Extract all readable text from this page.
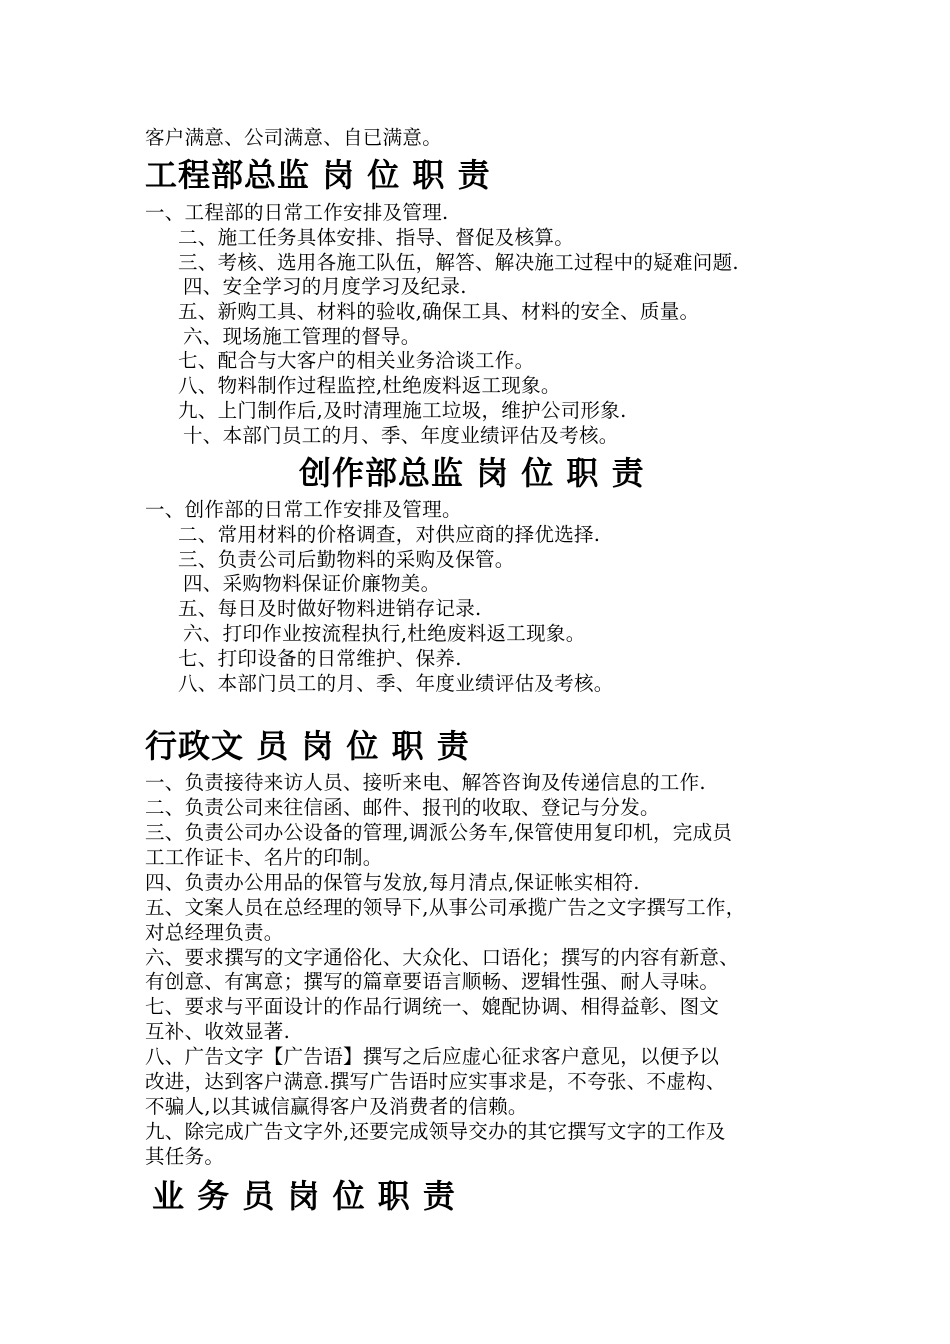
客户满意、公司满意、自已满意。
工程部总监 岗 位 职 责
一、工程部的日常工作安排及管理.
二、施工任务具体安排、指导、督促及核算。
三、考核、选用各施工队伍，解答、解决施工过程中的疑难问题.
四、安全学习的月度学习及纪录.
五、新购工具、材料的验收,确保工具、材料的安全、质量。
六、现场施工管理的督导。
七、配合与大客户的相关业务洽谈工作。
八、物料制作过程监控,杜绝废料返工现象。
九、上门制作后,及时清理施工垃圾，维护公司形象.
十、本部门员工的月、季、年度业绩评估及考核。
创作部总监 岗 位 职 责
一、创作部的日常工作安排及管理。
二、常用材料的价格调查，对供应商的择优选择.
三、负责公司后勤物料的采购及保管。
四、采购物料保证价廉物美。
五、每日及时做好物料进销存记录.
六、打印作业按流程执行,杜绝废料返工现象。
七、打印设备的日常维护、保养.
八、本部门员工的月、季、年度业绩评估及考核。
行政文 员 岗 位 职 责
一、负责接待来访人员、接听来电、解答咨询及传递信息的工作.
二、负责公司来往信函、邮件、报刊的收取、登记与分发。
三、负责公司办公设备的管理,调派公务车,保管使用复印机，完成员
工工作证卡、名片的印制。
四、负责办公用品的保管与发放,每月清点,保证帐实相符.
五、文案人员在总经理的领导下,从事公司承揽广告之文字撰写工作，
对总经理负责。
六、要求撰写的文字通俗化、大众化、口语化；撰写的内容有新意、
有创意、有寓意；撰写的篇章要语言顺畅、逻辑性强、耐人寻味。
七、要求与平面设计的作品行调统一、媲配协调、相得益彰、图文
互补、收效显著.
八、广告文字【广告语】撰写之后应虚心征求客户意见，以便予以
改进，达到客户满意.撰写广告语时应实事求是，不夸张、不虚构、
不骗人,以其诚信赢得客户及消费者的信赖。
九、除完成广告文字外,还要完成领导交办的其它撰写文字的工作及
其任务。
业 务 员 岗 位 职 责
